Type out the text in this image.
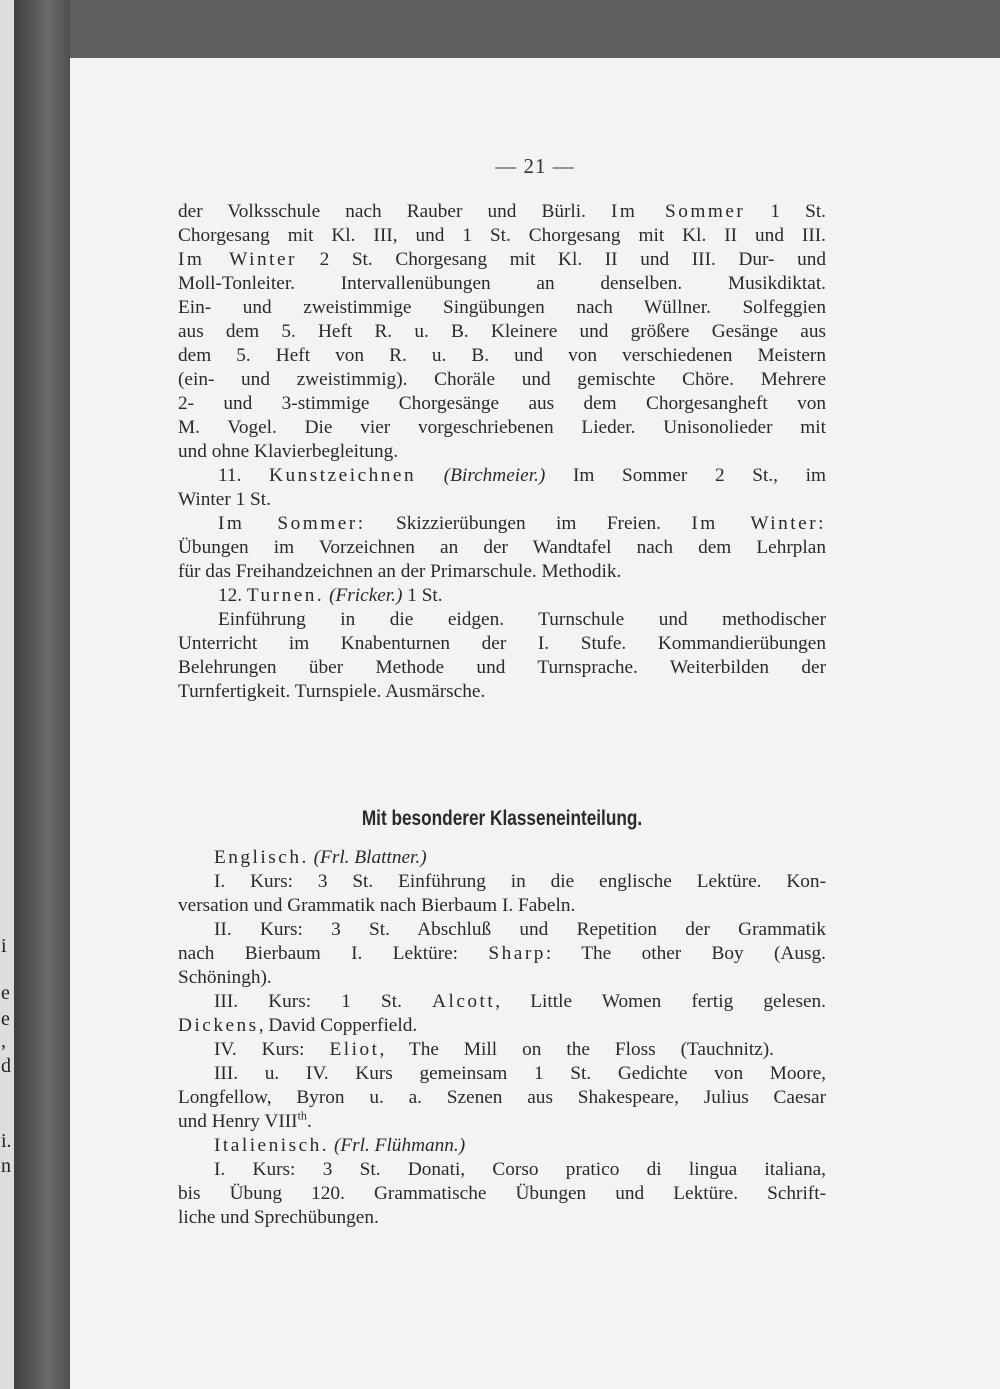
i
e
e
,
d
i.
n
— 21 —
der Volksschule nach Rauber und Bürli. Im Sommer 1 St.
Chorgesang mit Kl. III, und 1 St. Chorgesang mit Kl. II und III.
Im Winter 2 St. Chorgesang mit Kl. II und III. Dur- und
Moll-Tonleiter. Intervallenübungen an denselben. Musikdiktat.
Ein- und zweistimmige Singübungen nach Wüllner. Solfeggien
aus dem 5. Heft R. u. B. Kleinere und größere Gesänge aus
dem 5. Heft von R. u. B. und von verschiedenen Meistern
(ein- und zweistimmig). Choräle und gemischte Chöre. Mehrere
2- und 3-stimmige Chorgesänge aus dem Chorgesangheft von
M. Vogel. Die vier vorgeschriebenen Lieder. Unisonolieder mit
und ohne Klavierbegleitung.
11. Kunstzeichnen (Birchmeier.) Im Sommer 2 St., im
Winter 1 St.
Im Sommer: Skizzierübungen im Freien. Im Winter:
Übungen im Vorzeichnen an der Wandtafel nach dem Lehrplan
für das Freihandzeichnen an der Primarschule. Methodik.
12. Turnen. (Fricker.) 1 St.
Einführung in die eidgen. Turnschule und methodischer
Unterricht im Knabenturnen der I. Stufe. Kommandierübungen
Belehrungen über Methode und Turnsprache. Weiterbilden der
Turnfertigkeit. Turnspiele. Ausmärsche.
Mit besonderer Klasseneinteilung.
Englisch. (Frl. Blattner.)
I. Kurs: 3 St. Einführung in die englische Lektüre. Kon-
versation und Grammatik nach Bierbaum I. Fabeln.
II. Kurs: 3 St. Abschluß und Repetition der Grammatik
nach Bierbaum I. Lektüre: Sharp: The other Boy (Ausg.
Schöningh).
III. Kurs: 1 St. Alcott, Little Women fertig gelesen.
Dickens, David Copperfield.
IV. Kurs: Eliot, The Mill on the Floss (Tauchnitz).
III. u. IV. Kurs gemeinsam 1 St. Gedichte von Moore,
Longfellow, Byron u. a. Szenen aus Shakespeare, Julius Caesar
und Henry VIIIth.
Italienisch. (Frl. Flühmann.)
I. Kurs: 3 St. Donati, Corso pratico di lingua italiana,
bis Übung 120. Grammatische Übungen und Lektüre. Schrift-
liche und Sprechübungen.
